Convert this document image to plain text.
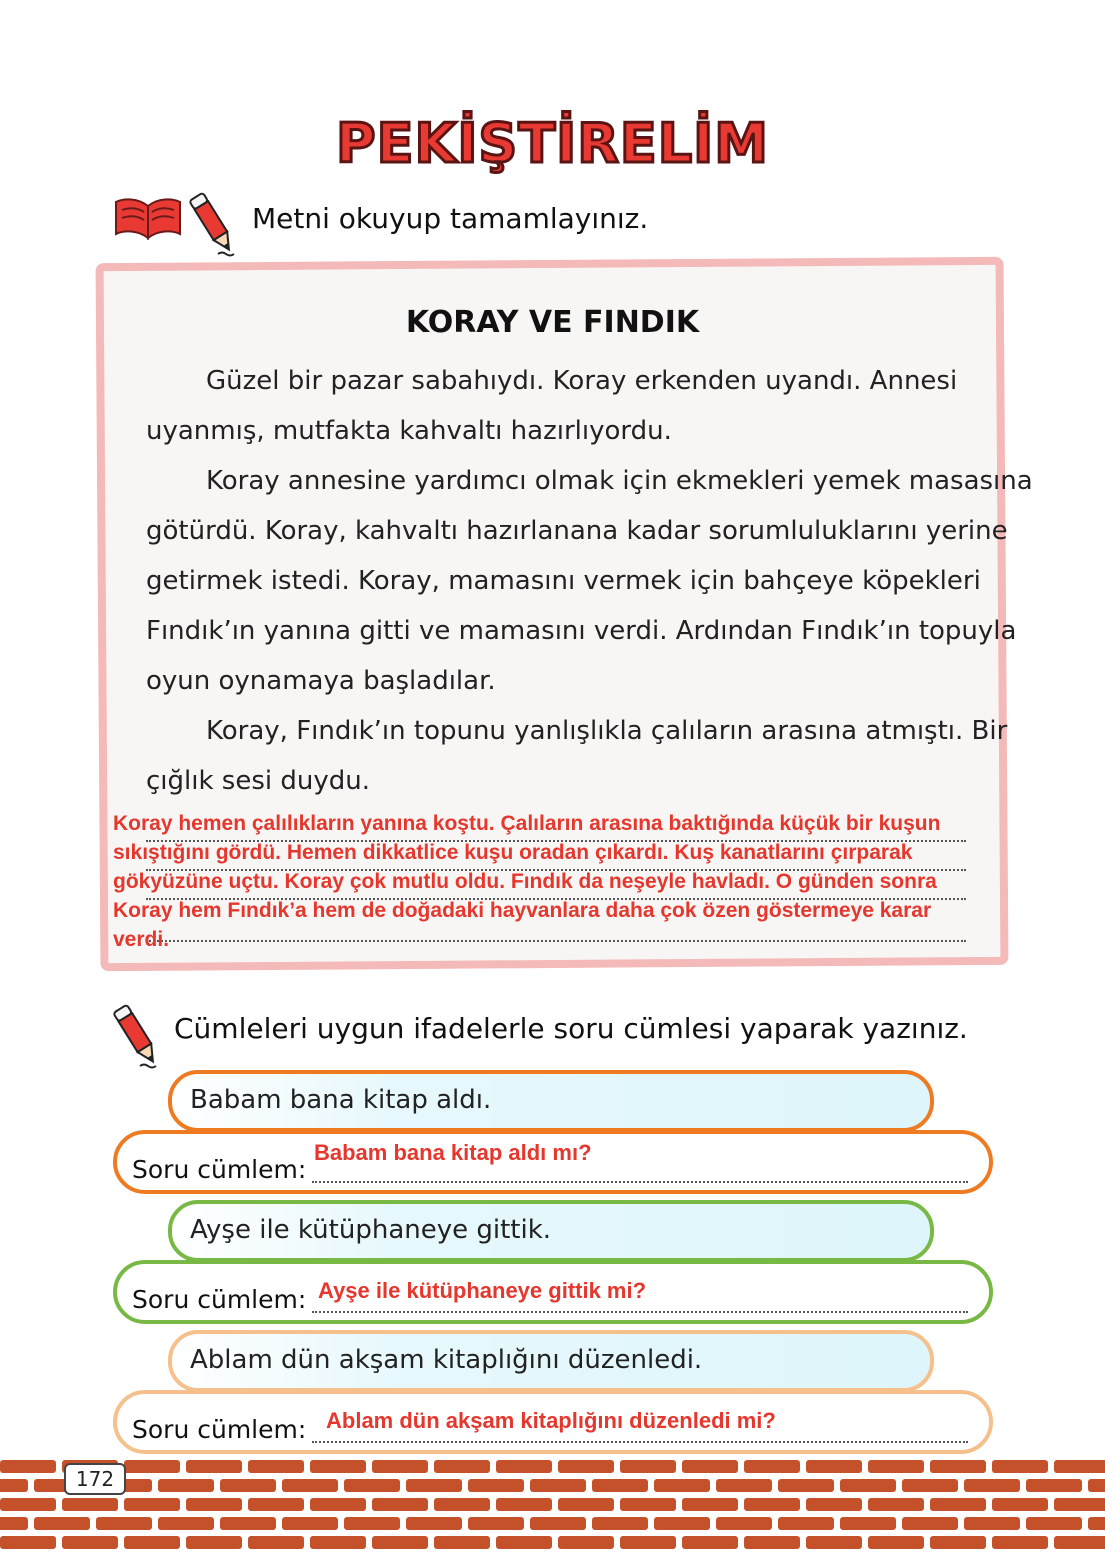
PEKİŞTİRELİM
Metni okuyup tamamlayınız.
KORAY VE FINDIK
Güzel bir pazar sabahıydı. Koray erkenden uyandı. Annesi
uyanmış, mutfakta kahvaltı hazırlıyordu.
Koray annesine yardımcı olmak için ekmekleri yemek masasına
götürdü. Koray, kahvaltı hazırlanana kadar sorumluluklarını yerine
getirmek istedi. Koray, mamasını vermek için bahçeye köpekleri
Fındık’ın yanına gitti ve mamasını verdi. Ardından Fındık’ın topuyla
oyun oynamaya başladılar.
Koray, Fındık’ın topunu yanlışlıkla çalıların arasına atmıştı. Bir
çığlık sesi duydu.
Koray hemen çalılıkların yanına koştu. Çalıların arasına baktığında küçük bir kuşun
sıkıştığını gördü. Hemen dikkatlice kuşu oradan çıkardı. Kuş kanatlarını çırparak
gökyüzüne uçtu. Koray çok mutlu oldu. Fındık da neşeyle havladı. O günden sonra
Koray hem Fındık’a hem de doğadaki hayvanlara daha çok özen göstermeye karar
verdi.
Cümleleri uygun ifadelerle soru cümlesi yaparak yazınız.
Babam bana kitap aldı.
Soru cümlem:
Babam bana kitap aldı mı?
Ayşe ile kütüphaneye gittik.
Soru cümlem: Ayşe ile kütüphaneye gittik mi?
Ablam dün akşam kitaplığını düzenledi.
Soru cümlem: Ablam dün akşam kitaplığını düzenledi mi?
172
